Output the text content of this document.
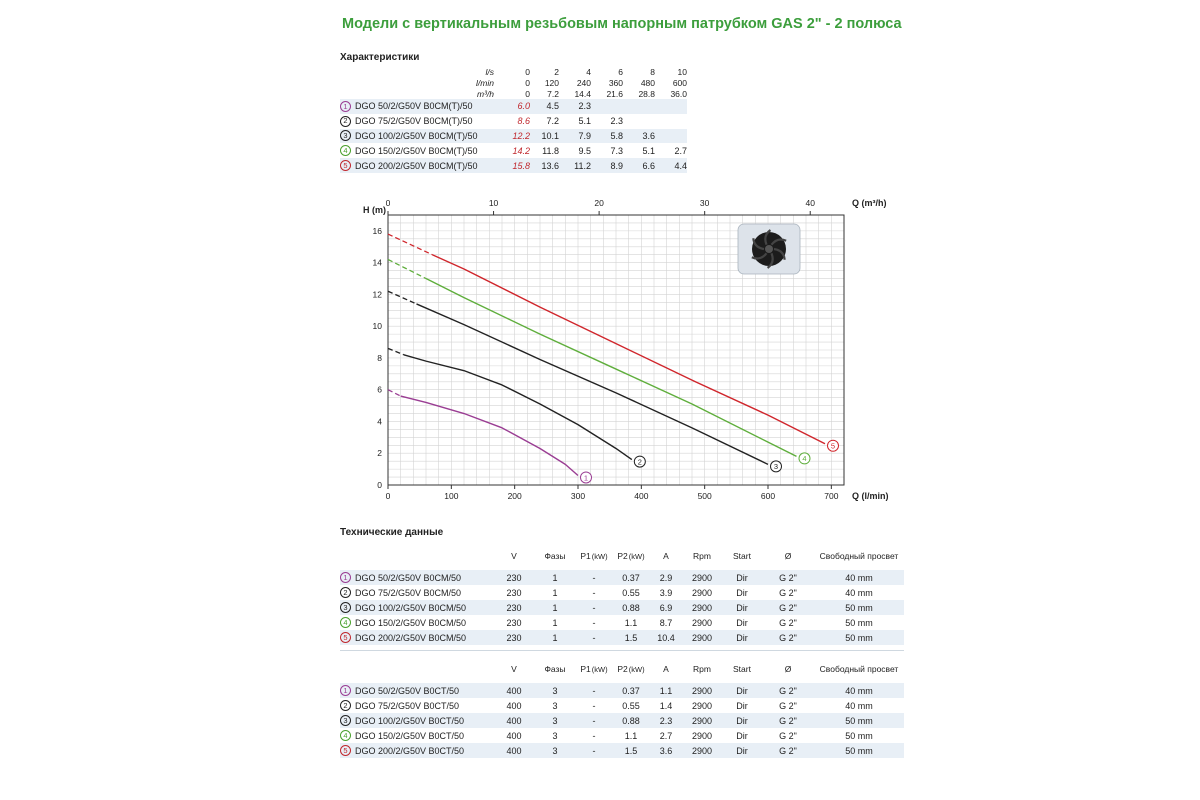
Модели с вертикальным резьбовым напорным патрубком GAS 2" - 2 полюса
Характеристики
l/s	0	2	4	6	8	10
l/min	0	120	240	360	480	600
m³/h	0	7.2	14.4	21.6	28.8	36.0
1 DGO 50/2/G50V B0CM(T)/50	6.0	4.5	2.3
2 DGO 75/2/G50V B0CM(T)/50	8.6	7.2	5.1	2.3
3 DGO 100/2/G50V B0CM(T)/50	12.2	10.1	7.9	5.8	3.6
4 DGO 150/2/G50V B0CM(T)/50	14.2	11.8	9.5	7.3	5.1	2.7
5 DGO 200/2/G50V B0CM(T)/50	15.8	13.6	11.2	8.9	6.6	4.4
0	100	200	300	400	500	600	700
0	10	20	30	40
0
2
4
6
8
10
12
14
16
H (m)
Q (l/min)
Q (m³/h)
1
2
3
4
5
Технические данные
V	Фазы	P1(kW)	P2(kW)	A	Rpm	Start	Ø	Свободный просвет
1 DGO 50/2/G50V B0CM/50	230	1	-	0.37	2.9	2900	Dir	G 2"	40 mm
2 DGO 75/2/G50V B0CM/50	230	1	-	0.55	3.9	2900	Dir	G 2"	40 mm
3 DGO 100/2/G50V B0CM/50	230	1	-	0.88	6.9	2900	Dir	G 2"	50 mm
4 DGO 150/2/G50V B0CM/50	230	1	-	1.1	8.7	2900	Dir	G 2"	50 mm
5 DGO 200/2/G50V B0CM/50	230	1	-	1.5	10.4	2900	Dir	G 2"	50 mm
V	Фазы	P1(kW)	P2(kW)	A	Rpm	Start	Ø	Свободный просвет
1 DGO 50/2/G50V B0CT/50	400	3	-	0.37	1.1	2900	Dir	G 2"	40 mm
2 DGO 75/2/G50V B0CT/50	400	3	-	0.55	1.4	2900	Dir	G 2"	40 mm
3 DGO 100/2/G50V B0CT/50	400	3	-	0.88	2.3	2900	Dir	G 2"	50 mm
4 DGO 150/2/G50V B0CT/50	400	3	-	1.1	2.7	2900	Dir	G 2"	50 mm
5 DGO 200/2/G50V B0CT/50	400	3	-	1.5	3.6	2900	Dir	G 2"	50 mm
